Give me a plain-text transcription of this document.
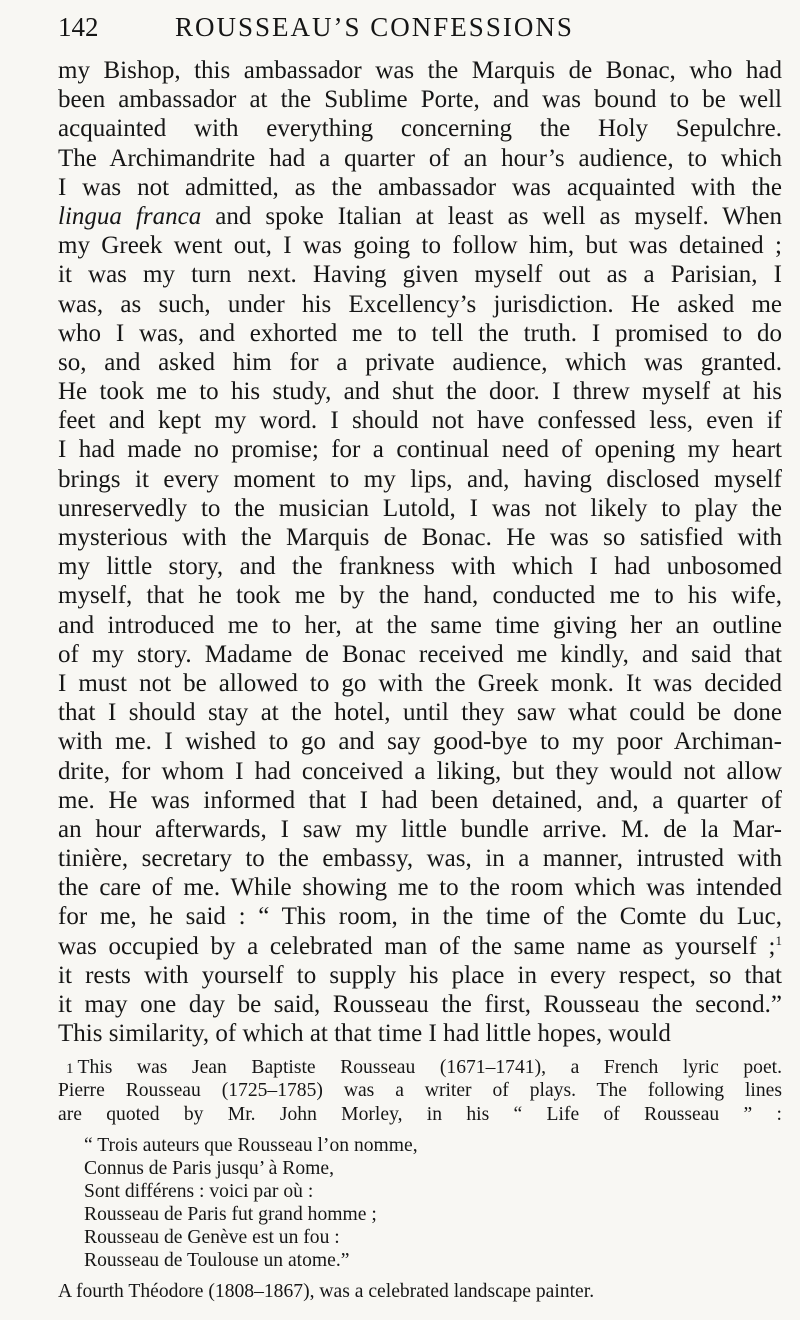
142	ROUSSEAU’S CONFESSIONS
my Bishop, this ambassador was the Marquis de Bonac, who had
been ambassador at the Sublime Porte, and was bound to be well
acquainted with everything concerning the Holy Sepulchre.
The Archimandrite had a quarter of an hour’s audience, to which
I was not admitted, as the ambassador was acquainted with the
lingua franca and spoke Italian at least as well as myself. When
my Greek went out, I was going to follow him, but was detained ;
it was my turn next. Having given myself out as a Parisian, I
was, as such, under his Excellency’s jurisdiction. He asked me
who I was, and exhorted me to tell the truth. I promised to do
so, and asked him for a private audience, which was granted.
He took me to his study, and shut the door. I threw myself at his
feet and kept my word. I should not have confessed less, even if
I had made no promise; for a continual need of opening my heart
brings it every moment to my lips, and, having disclosed myself
unreservedly to the musician Lutold, I was not likely to play the
mysterious with the Marquis de Bonac. He was so satisfied with
my little story, and the frankness with which I had unbosomed
myself, that he took me by the hand, conducted me to his wife,
and introduced me to her, at the same time giving her an outline
of my story. Madame de Bonac received me kindly, and said that
I must not be allowed to go with the Greek monk. It was decided
that I should stay at the hotel, until they saw what could be done
with me. I wished to go and say good-bye to my poor Archiman-
drite, for whom I had conceived a liking, but they would not allow
me. He was informed that I had been detained, and, a quarter of
an hour afterwards, I saw my little bundle arrive. M. de la Mar-
tinière, secretary to the embassy, was, in a manner, intrusted with
the care of me. While showing me to the room which was intended
for me, he said : “ This room, in the time of the Comte du Luc,
was occupied by a celebrated man of the same name as yourself ;$^1$
it rests with yourself to supply his place in every respect, so that
it may one day be said, Rousseau the first, Rousseau the second.”
This similarity, of which at that time I had little hopes, would
1 This was Jean Baptiste Rousseau (1671–1741), a French lyric poet.
Pierre Rousseau (1725–1785) was a writer of plays. The following lines
are quoted by Mr. John Morley, in his “ Life of Rousseau ” :
“ Trois auteurs que Rousseau l’on nomme,
Connus de Paris jusqu’ à Rome,
Sont différens : voici par où :
Rousseau de Paris fut grand homme ;
Rousseau de Genève est un fou :
Rousseau de Toulouse un atome.”
A fourth Théodore (1808–1867), was a celebrated landscape painter.
